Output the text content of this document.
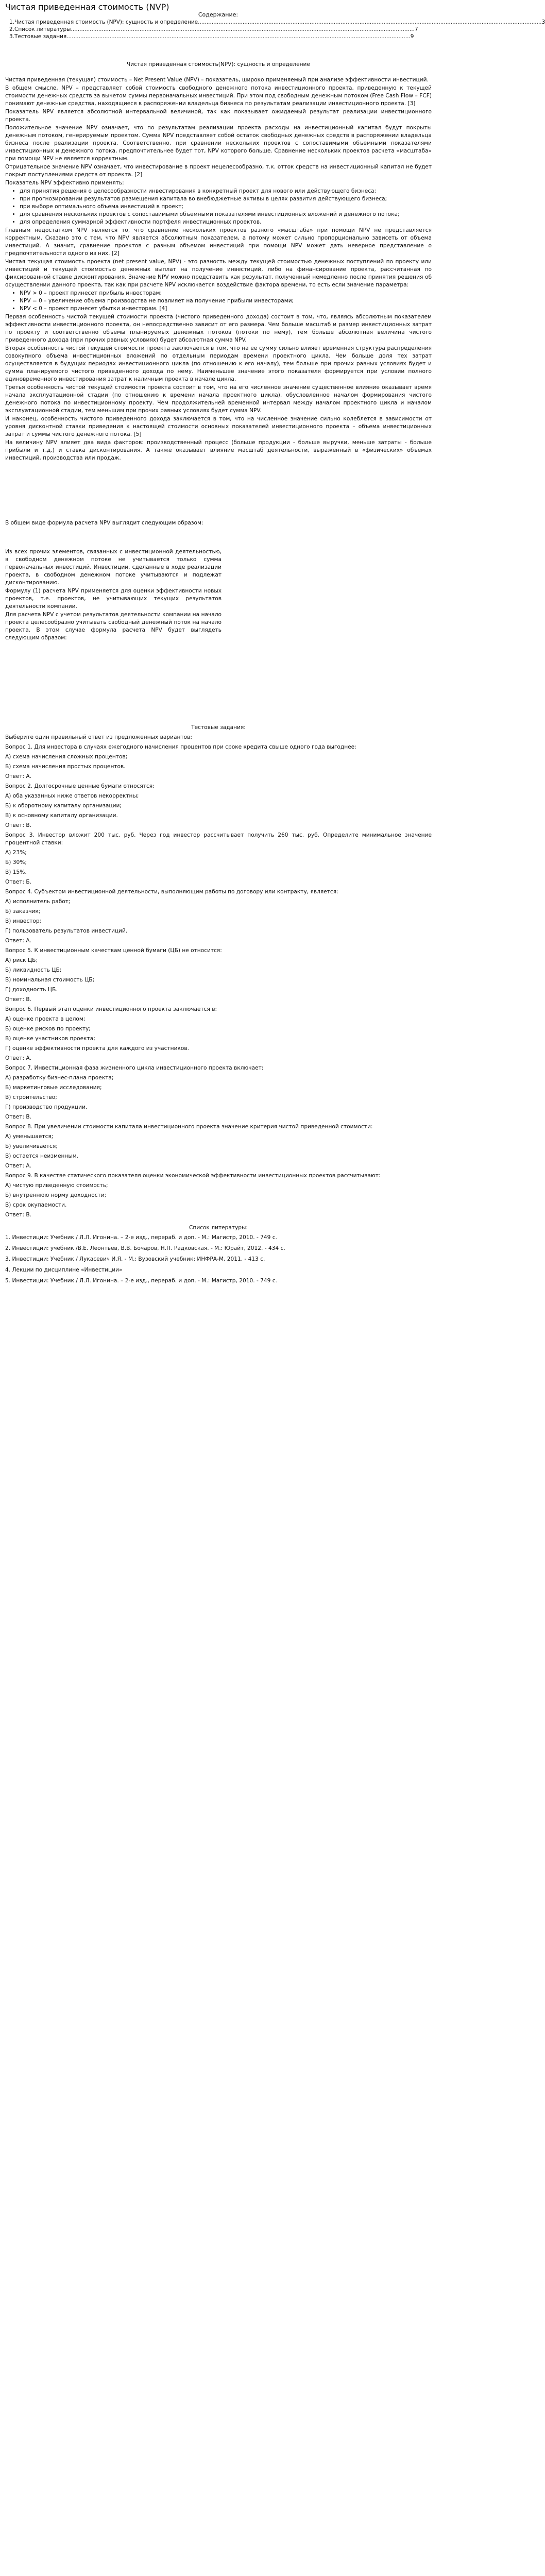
Чистая приведенная стоимость (NVP)
Содержание:
1. Чистая приведенная стоимость (NPV): сущность и определение ........................................................................................................................................................................................................ 3
2. Список литературы ........................................................................................................................................................................................................ 7
3. Тестовые задания ........................................................................................................................................................................................................ 9
Чистая приведенная стоимость(NPV): сущность и определение

Чистая приведенная (текущая) стоимость – Net Present Value (NPV) – показатель, широко применяемый при анализе эффективности инвестиций.

В общем смысле, NPV – представляет собой стоимость свободного денежного потока инвестиционного проекта, приведенную к текущей стоимости денежных средств за вычетом суммы первоначальных инвестиций. При этом под свободным денежным потоком (Free Cash Flow – FCF) понимают денежные средства, находящиеся в распоряжении владельца бизнеса по результатам реализации инвестиционного проекта. [3]

Показатель NPV является абсолютной интервальной величиной, так как показывает ожидаемый результат реализации инвестиционного проекта.

Положительное значение NPV означает, что по результатам реализации проекта расходы на инвестиционный капитал будут покрыты денежным потоком, генерируемым проектом. Сумма NPV представляет собой остаток свободных денежных средств в распоряжении владельца бизнеса после реализации проекта. Соответственно, при сравнении нескольких проектов с сопоставимыми объемными показателями инвестиционных и денежного потока, предпочтительнее будет тот, NPV которого больше. Сравнение нескольких проектов расчета «масштаба» при помощи NPV не является корректным.

Отрицательное значение NPV означает, что инвестирование в проект нецелесообразно, т.к. отток средств на инвестиционный капитал не будет покрыт поступлениями средств от проекта. [2]

Показатель NPV эффективно применять:

• для принятия решения о целесообразности инвестирования в конкретный проект для нового или действующего бизнеса;
• при прогнозировании результатов размещения капитала во внебюджетные активы в целях развития действующего бизнеса;
• при выборе оптимального объема инвестиций в проект;
• для сравнения нескольких проектов с сопоставимыми объемными показателями инвестиционных вложений и денежного потока;
• для определения суммарной эффективности портфеля инвестиционных проектов.

Главным недостатком NPV является то, что сравнение нескольких проектов разного «масштаба» при помощи NPV не представляется корректным. Сказано это с тем, что NPV является абсолютным показателем, а потому может сильно пропорционально зависеть от объема инвестиций. А значит, сравнение проектов с разным объемом инвестиций при помощи NPV может дать неверное представление о предпочтительности одного из них. [2]

Чистая текущая стоимость проекта (net present value, NPV) - это разность между текущей стоимостью денежных поступлений по проекту или инвестиций и текущей стоимостью денежных выплат на получение инвестиций, либо на финансирование проекта, рассчитанная по фиксированной ставке дисконтирования. Значение NPV можно представить как результат, полученный немедленно после принятия решения об осуществлении данного проекта, так как при расчете NPV исключается воздействие фактора времени, то есть если значение параметра:

• NPV > 0 – проект принесет прибыль инвесторам;
• NPV = 0 – увеличение объема производства не повлияет на получение прибыли инвесторами;
• NPV < 0 – проект принесет убытки инвесторам. [4]

Первая особенность чистой текущей стоимости проекта (чистого приведенного дохода) состоит в том, что, являясь абсолютным показателем эффективности инвестиционного проекта, он непосредственно зависит от его размера. Чем больше масштаб и размер инвестиционных затрат по проекту и соответственно объемы планируемых денежных потоков (потоки по нему), тем больше абсолютная величина чистого приведенного дохода (при прочих равных условиях) будет абсолютная сумма NPV.

Вторая особенность чистой текущей стоимости проекта заключается в том, что на ее сумму сильно влияет временная структура распределения совокупного объема инвестиционных вложений по отдельным периодам времени проектного цикла. Чем больше доля тех затрат осуществляется в будущих периодах инвестиционного цикла (по отношению к его началу), тем больше при прочих равных условиях будет и сумма планируемого чистого приведенного дохода по нему. Наименьшее значение этого показателя формируется при условии полного единовременного инвестирования затрат к наличным проекта в начале цикла.

Третья особенность чистой текущей стоимости проекта состоит в том, что на его численное значение существенное влияние оказывает время начала эксплуатационной стадии (по отношению к времени начала проектного цикла), обусловленное началом формирования чистого денежного потока по инвестиционному проекту. Чем продолжительней временной интервал между началом проектного цикла и началом эксплуатационной стадии, тем меньшим при прочих равных условиях будет сумма NPV.

И наконец, особенность чистого приведенного дохода заключается в том, что на численное значение сильно колеблется в зависимости от уровня дисконтной ставки приведения к настоящей стоимости основных показателей инвестиционного проекта – объема инвестиционных затрат и суммы чистого денежного потока. [5]

На величину NPV влияет два вида факторов: производственный процесс (больше продукции - больше выручки, меньше затраты - больше прибыли и т.д.) и ставка дисконтирования. А также оказывает влияние масштаб деятельности, выраженный в «физических» объемах инвестиций, производства или продаж.

В общем виде формула расчета NPV выглядит следующим образом:

Из всех прочих элементов, связанных с инвестиционной деятельностью, в свободном денежном потоке не учитывается только сумма первоначальных инвестиций. Инвестиции, сделанные в ходе реализации проекта, в свободном денежном потоке учитываются и подлежат дисконтированию.

Формулу (1) расчета NPV применяется для оценки эффективности новых проектов, т.е. проектов, не учитывающих текущих результатов деятельности компании.

Для расчета NPV с учетом результатов деятельности компании на начало проекта целесообразно учитывать свободный денежный поток на начало проекта. В этом случае формула расчета NPV будет выглядеть следующим образом:

Тестовые задания:

Выберите один правильный ответ из предложенных вариантов:

Вопрос 1. Для инвестора в случаях ежегодного начисления процентов при сроке кредита свыше одного года выгоднее:

А) схема начисления сложных процентов;

Б) схема начисления простых процентов.

Ответ: А.

Вопрос 2. Долгосрочные ценные бумаги относятся:

А) оба указанных ниже ответов некорректны;

Б) к оборотному капиталу организации;

В) к основному капиталу организации.

Ответ: В.

Вопрос 3. Инвестор вложит 200 тыс. руб. Через год инвестор рассчитывает получить 260 тыс. руб. Определите минимальное значение процентной ставки:

А) 23%;

Б) 30%;

В) 15%.

Ответ: Б.

Вопрос 4. Субъектом инвестиционной деятельности, выполняющим работы по договору или контракту, является:

А) исполнитель работ;

Б) заказчик;

В) инвестор;

Г) пользователь результатов инвестиций.

Ответ: А.

Вопрос 5. К инвестиционным качествам ценной бумаги (ЦБ) не относится:

А) риск ЦБ;

Б) ликвидность ЦБ;

В) номинальная стоимость ЦБ;

Г) доходность ЦБ.

Ответ: В.

Вопрос 6. Первый этап оценки инвестиционного проекта заключается в:

А) оценке проекта в целом;

Б) оценке рисков по проекту;

В) оценке участников проекта;

Г) оценке эффективности проекта для каждого из участников.

Ответ: А.

Вопрос 7. Инвестиционная фаза жизненного цикла инвестиционного проекта включает:

А) разработку бизнес-плана проекта;

Б) маркетинговые исследования;

В) строительство;

Г) производство продукции.

Ответ: В.

Вопрос 8. При увеличении стоимости капитала инвестиционного проекта значение критерия чистой приведенной стоимости:

А) уменьшается;

Б) увеличивается;

В) остается неизменным.

Ответ: А.

Вопрос 9. В качестве статического показателя оценки экономической эффективности инвестиционных проектов рассчитывают:

А) чистую приведенную стоимость;

Б) внутреннюю норму доходности;

В) срок окупаемости.

Ответ: В.

Список литературы:

1. Инвестиции: Учебник / Л.Л. Игонина. – 2-е изд., перераб. и доп. - М.: Магистр, 2010. - 749 с.

2. Инвестиции: учебник /В.Е. Леонтьев, В.В. Бочаров, Н.П. Радковская. - М.: Юрайт, 2012. - 434 с.

3. Инвестиции: Учебник / Лукасевич И.Я. - М.: Вузовский учебник: ИНФРА-М, 2011. - 413 с.

4. Лекции по дисциплине «Инвестиции»

5. Инвестиции: Учебник / Л.Л. Игонина. – 2-е изд., перераб. и доп. - М.: Магистр, 2010. - 749 с.
